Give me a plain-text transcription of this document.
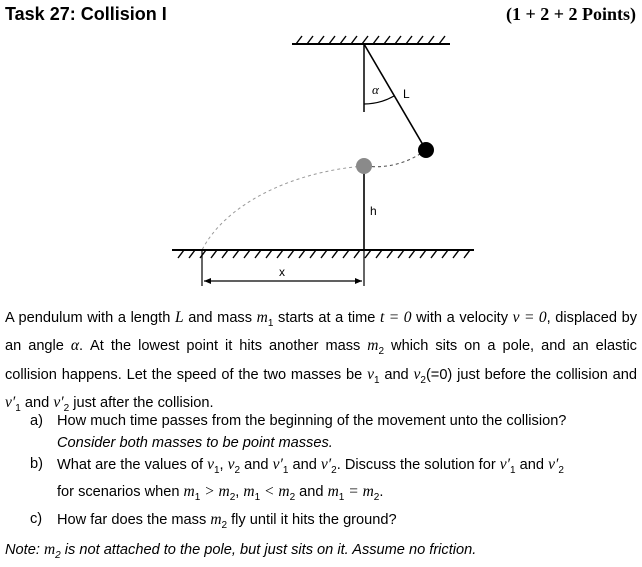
Task 27: Collision I	(1 + 2 + 2 Points)
α L
h
x
A pendulum with a length L and mass $m_1$ starts at a time t = 0 with a velocity v = 0, displaced by an angle α. At the lowest point it hits another mass $m_2$ which sits on a pole, and an elastic collision happens. Let the speed of the two masses be $v_1$ and $v_2(=0)$ just before the collision and $v'_1$ and $v'_2$ just after the collision.
a) How much time passes from the beginning of the movement unto the collision?
Consider both masses to be point masses.
b) What are the values of $v_1$, $v_2$ and $v'_1$ and $v'_2$. Discuss the solution for $v'_1$ and $v'_2$
for scenarios when $m_1 > m_2$, $m_1 < m_2$ and $m_1 = m_2$.
c) How far does the mass $m_2$ fly until it hits the ground?
Note: $m_2$ is not attached to the pole, but just sits on it. Assume no friction.
